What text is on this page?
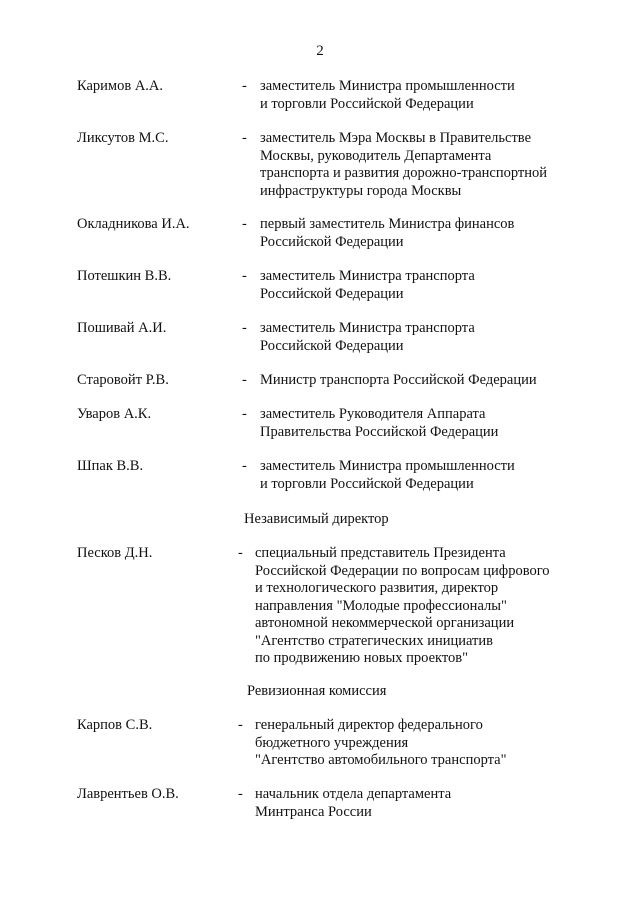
2
Каримов А.А.	- заместитель Министра промышленности
и торговли Российской Федерации
Ликсутов М.С.	- заместитель Мэра Москвы в Правительстве
Москвы, руководитель Департамента
транспорта и развития дорожно-транспортной
инфраструктуры города Москвы
Окладникова И.А.	- первый заместитель Министра финансов
Российской Федерации
Потешкин В.В.	- заместитель Министра транспорта
Российской Федерации
Пошивай А.И.	- заместитель Министра транспорта
Российской Федерации
Старовойт Р.В.	- Министр транспорта Российской Федерации
Уваров А.К.	- заместитель Руководителя Аппарата
Правительства Российской Федерации
Шпак В.В.	- заместитель Министра промышленности
и торговли Российской Федерации
Независимый директор
Песков Д.Н.	- специальный представитель Президента
Российской Федерации по вопросам цифрового
и технологического развития, директор
направления "Молодые профессионалы"
автономной некоммерческой организации
"Агентство стратегических инициатив
по продвижению новых проектов"
Ревизионная комиссия
Карпов С.В.	- генеральный директор федерального
бюджетного учреждения
"Агентство автомобильного транспорта"
Лаврентьев О.В.	- начальник отдела департамента
Минтранса России
